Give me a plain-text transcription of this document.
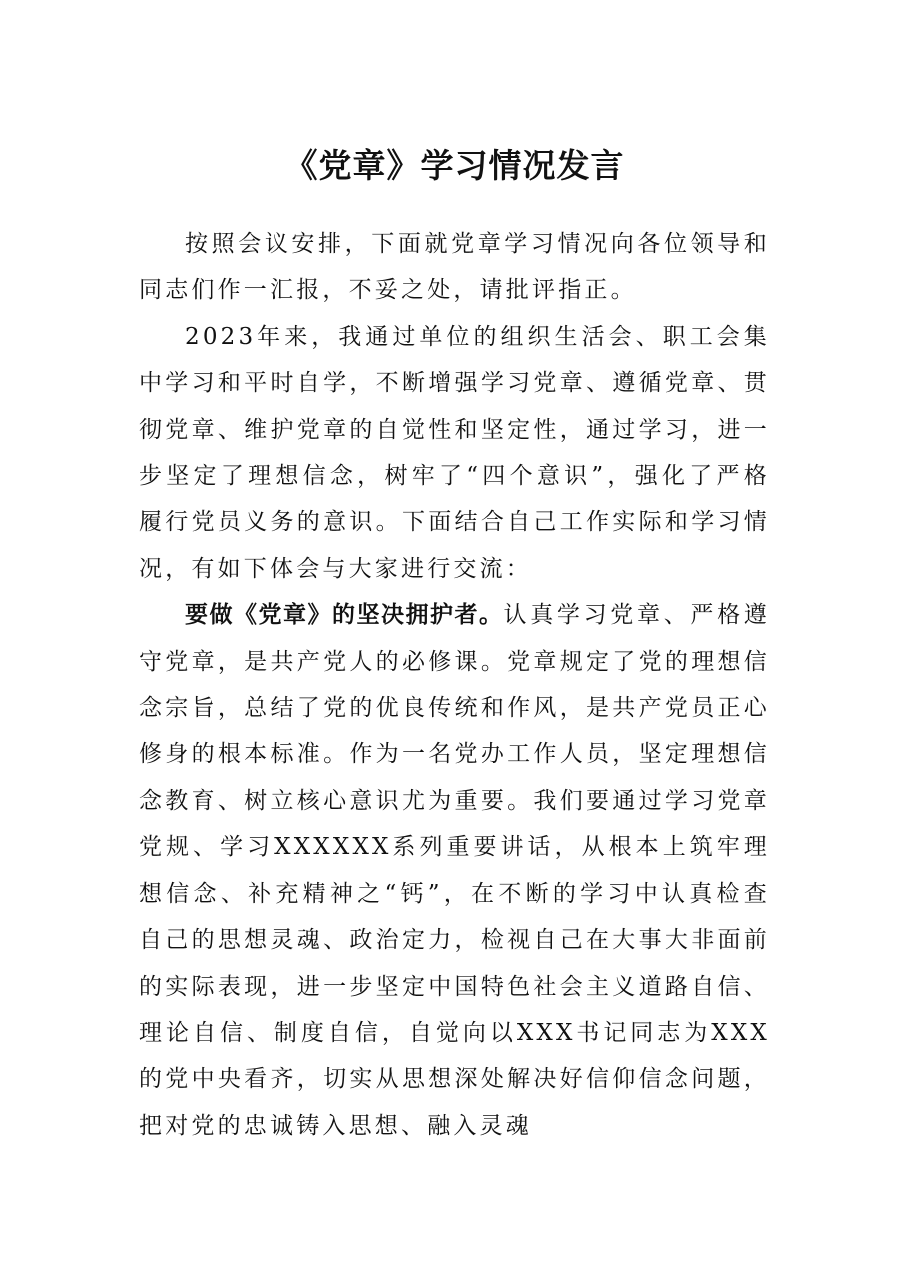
《党章》学习情况发言

按照会议安排，下面就党章学习情况向各位领导和同志们作一汇报，不妥之处，请批评指正。

2023年来，我通过单位的组织生活会、职工会集中学习和平时自学，不断增强学习党章、遵循党章、贯彻党章、维护党章的自觉性和坚定性，通过学习，进一步坚定了理想信念，树牢了“四个意识”，强化了严格履行党员义务的意识。下面结合自己工作实际和学习情况，有如下体会与大家进行交流：

要做《党章》的坚决拥护者。认真学习党章、严格遵守党章，是共产党人的必修课。党章规定了党的理想信念宗旨，总结了党的优良传统和作风，是共产党员正心修身的根本标准。作为一名党办工作人员，坚定理想信念教育、树立核心意识尤为重要。我们要通过学习党章党规、学习XXXXXX系列重要讲话，从根本上筑牢理想信念、补充精神之“钙”，在不断的学习中认真检查自己的思想灵魂、政治定力，检视自己在大事大非面前的实际表现，进一步坚定中国特色社会主义道路自信、理论自信、制度自信，自觉向以XXX书记同志为XXX的党中央看齐，切实从思想深处解决好信仰信念问题，把对党的忠诚铸入思想、融入灵魂
